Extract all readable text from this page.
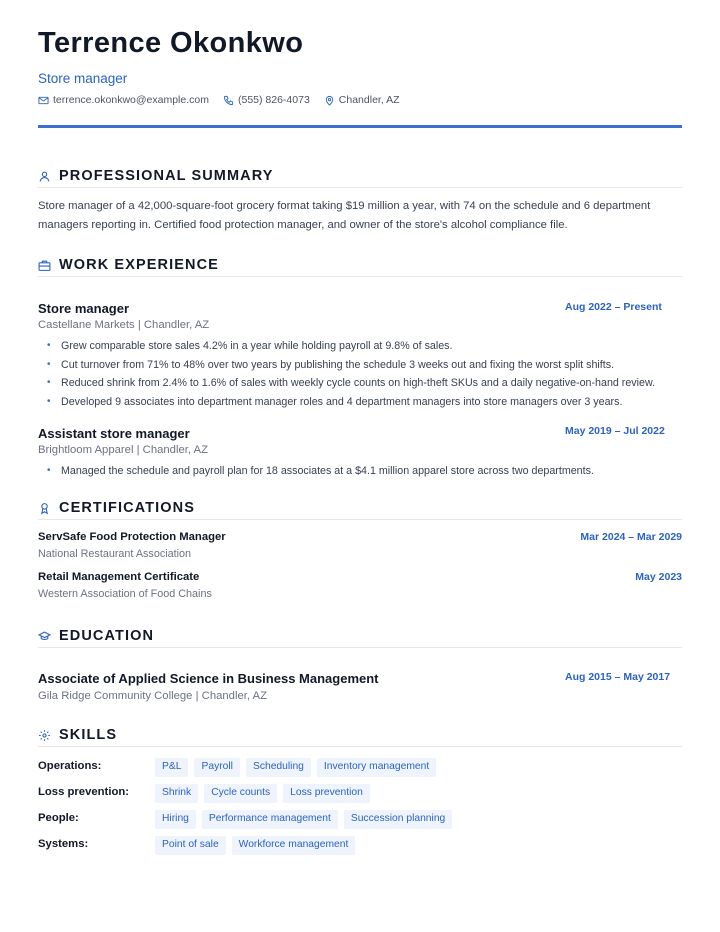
Terrence Okonkwo
Store manager
terrence.okonkwo@example.com	(555) 826-4073	Chandler, AZ
PROFESSIONAL SUMMARY
Store manager of a 42,000-square-foot grocery format taking $19 million a year, with 74 on the schedule and 6 department managers reporting in. Certified food protection manager, and owner of the store's alcohol compliance file.
WORK EXPERIENCE
Store manager	Aug 2022 – Present
Castellane Markets | Chandler, AZ
• Grew comparable store sales 4.2% in a year while holding payroll at 9.8% of sales.
• Cut turnover from 71% to 48% over two years by publishing the schedule 3 weeks out and fixing the worst split shifts.
• Reduced shrink from 2.4% to 1.6% of sales with weekly cycle counts on high-theft SKUs and a daily negative-on-hand review.
• Developed 9 associates into department manager roles and 4 department managers into store managers over 3 years.
Assistant store manager	May 2019 – Jul 2022
Brightloom Apparel | Chandler, AZ
• Managed the schedule and payroll plan for 18 associates at a $4.1 million apparel store across two departments.
CERTIFICATIONS
ServSafe Food Protection Manager	Mar 2024 – Mar 2029
National Restaurant Association
Retail Management Certificate	May 2023
Western Association of Food Chains
EDUCATION
Associate of Applied Science in Business Management	Aug 2015 – May 2017
Gila Ridge Community College | Chandler, AZ
SKILLS
Operations:	P&L	Payroll	Scheduling	Inventory management
Loss prevention:	Shrink	Cycle counts	Loss prevention
People:	Hiring	Performance management	Succession planning
Systems:	Point of sale	Workforce management
